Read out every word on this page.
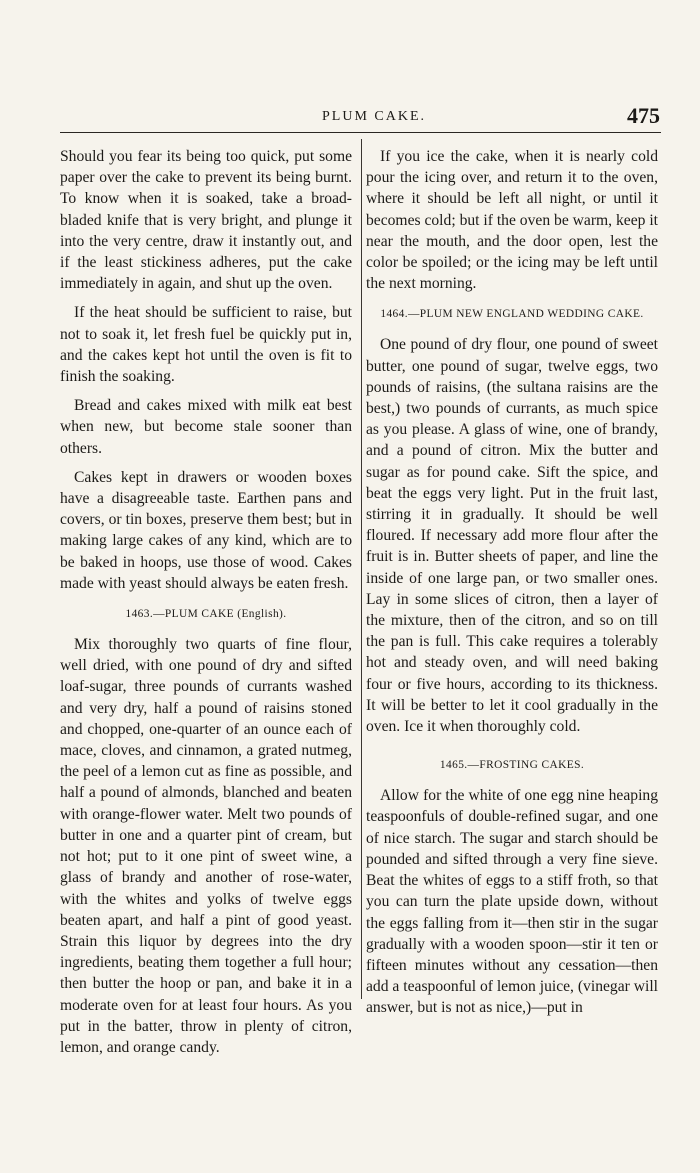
PLUM CAKE.	475

Should you fear its being too quick, put some paper over the cake to prevent its being burnt. To know when it is soaked, take a broad-bladed knife that is very bright, and plunge it into the very centre, draw it instantly out, and if the least stickiness adheres, put the cake immediately in again, and shut up the oven.

If the heat should be sufficient to raise, but not to soak it, let fresh fuel be quickly put in, and the cakes kept hot until the oven is fit to finish the soaking.

Bread and cakes mixed with milk eat best when new, but become stale sooner than others.

Cakes kept in drawers or wooden boxes have a disagreeable taste. Earthen pans and covers, or tin boxes, preserve them best; but in making large cakes of any kind, which are to be baked in hoops, use those of wood. Cakes made with yeast should always be eaten fresh.

1463.—PLUM CAKE (English).

Mix thoroughly two quarts of fine flour, well dried, with one pound of dry and sifted loaf-sugar, three pounds of currants washed and very dry, half a pound of raisins stoned and chopped, one-quarter of an ounce each of mace, cloves, and cinnamon, a grated nutmeg, the peel of a lemon cut as fine as possible, and half a pound of almonds, blanched and beaten with orange-flower water. Melt two pounds of butter in one and a quarter pint of cream, but not hot; put to it one pint of sweet wine, a glass of brandy and another of rose-water, with the whites and yolks of twelve eggs beaten apart, and half a pint of good yeast. Strain this liquor by degrees into the dry ingredients, beating them together a full hour; then butter the hoop or pan, and bake it in a moderate oven for at least four hours. As you put in the batter, throw in plenty of citron, lemon, and orange candy.

If you ice the cake, when it is nearly cold pour the icing over, and return it to the oven, where it should be left all night, or until it becomes cold; but if the oven be warm, keep it near the mouth, and the door open, lest the color be spoiled; or the icing may be left until the next morning.

1464.—PLUM NEW ENGLAND WEDDING CAKE.

One pound of dry flour, one pound of sweet butter, one pound of sugar, twelve eggs, two pounds of raisins, (the sultana raisins are the best,) two pounds of currants, as much spice as you please. A glass of wine, one of brandy, and a pound of citron. Mix the butter and sugar as for pound cake. Sift the spice, and beat the eggs very light. Put in the fruit last, stirring it in gradually. It should be well floured. If necessary add more flour after the fruit is in. Butter sheets of paper, and line the inside of one large pan, or two smaller ones. Lay in some slices of citron, then a layer of the mixture, then of the citron, and so on till the pan is full. This cake requires a tolerably hot and steady oven, and will need baking four or five hours, according to its thickness. It will be better to let it cool gradually in the oven. Ice it when thoroughly cold.

1465.—FROSTING CAKES.

Allow for the white of one egg nine heaping teaspoonfuls of double-refined sugar, and one of nice starch. The sugar and starch should be pounded and sifted through a very fine sieve. Beat the whites of eggs to a stiff froth, so that you can turn the plate upside down, without the eggs falling from it—then stir in the sugar gradually with a wooden spoon—stir it ten or fifteen minutes without any cessation—then add a teaspoonful of lemon juice, (vinegar will answer, but is not as nice,)—put in
